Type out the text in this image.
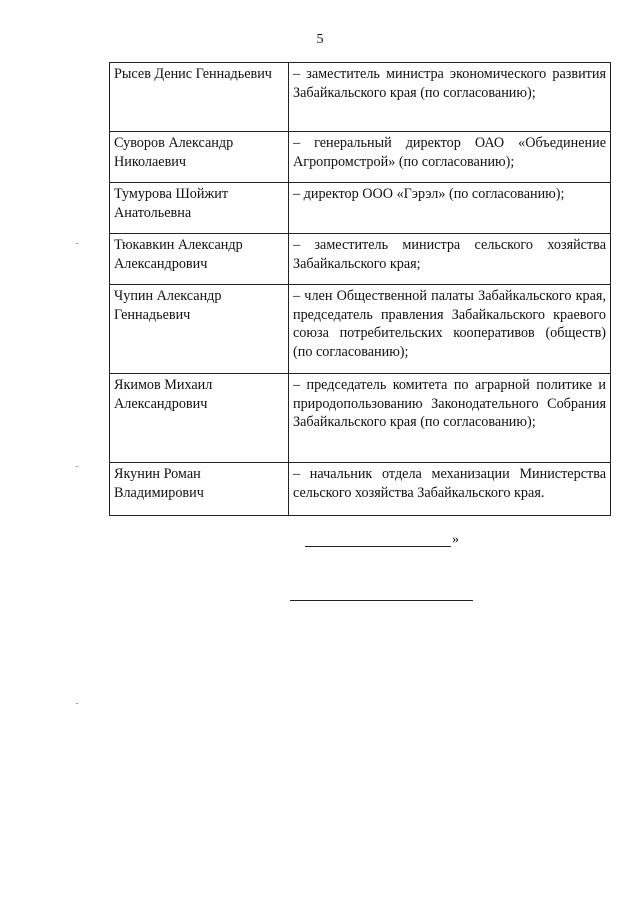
5
Рысев Денис Геннадьевич	– заместитель министра экономического развития Забайкальского края (по согласованию);
Суворов Александр Николаевич	– генеральный директор ОАО «Объединение Агропромстрой» (по согласованию);
Тумурова Шойжит Анатольевна	– директор ООО «Гэрэл» (по согласованию);
Тюкавкин Александр Александрович	– заместитель министра сельского хозяйства Забайкальского края;
Чупин Александр Геннадьевич	– член Общественной палаты Забайкальского края, председатель правления Забайкальского краевого союза потребительских кооперативов (обществ) (по согласованию);
Якимов Михаил Александрович	– председатель комитета по аграрной политике и природопользованию Законодательного Собрания Забайкальского края (по согласованию);
Якунин Роман Владимирович	– начальник отдела механизации Министерства сельского хозяйства Забайкальского края.
»
